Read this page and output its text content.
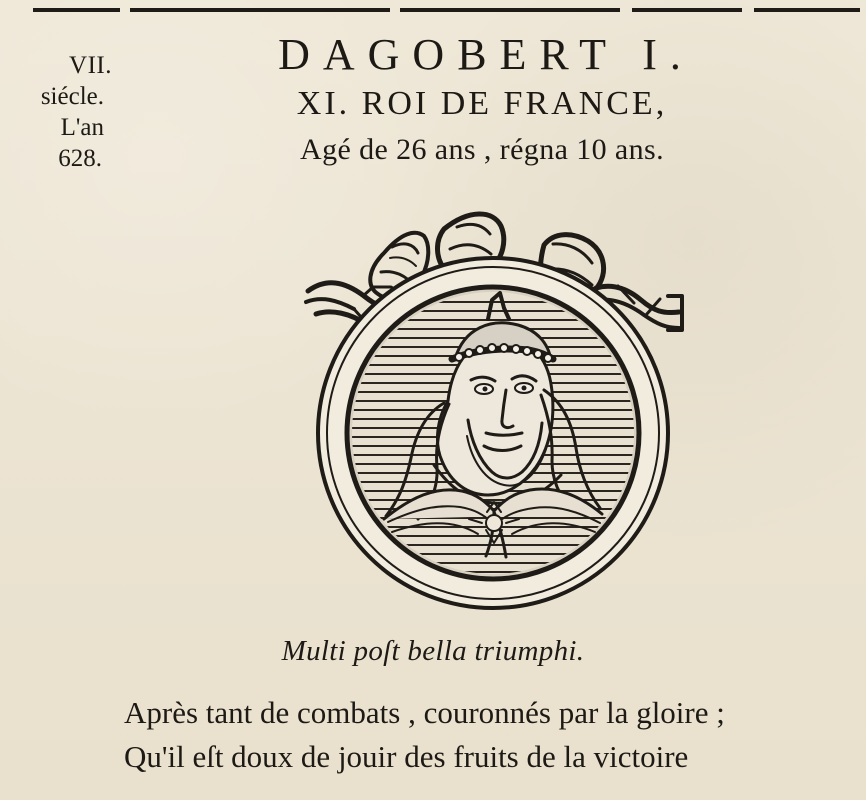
VII.
siécle.
L'an
628.
DAGOBERT I.
XI. ROI DE FRANCE,
Agé de 26 ans , régna 10 ans.
Multi poſt bella triumphi.
Après tant de combats , couronnés par la gloire ;
Qu'il eſt doux de jouir des fruits de la victoire
